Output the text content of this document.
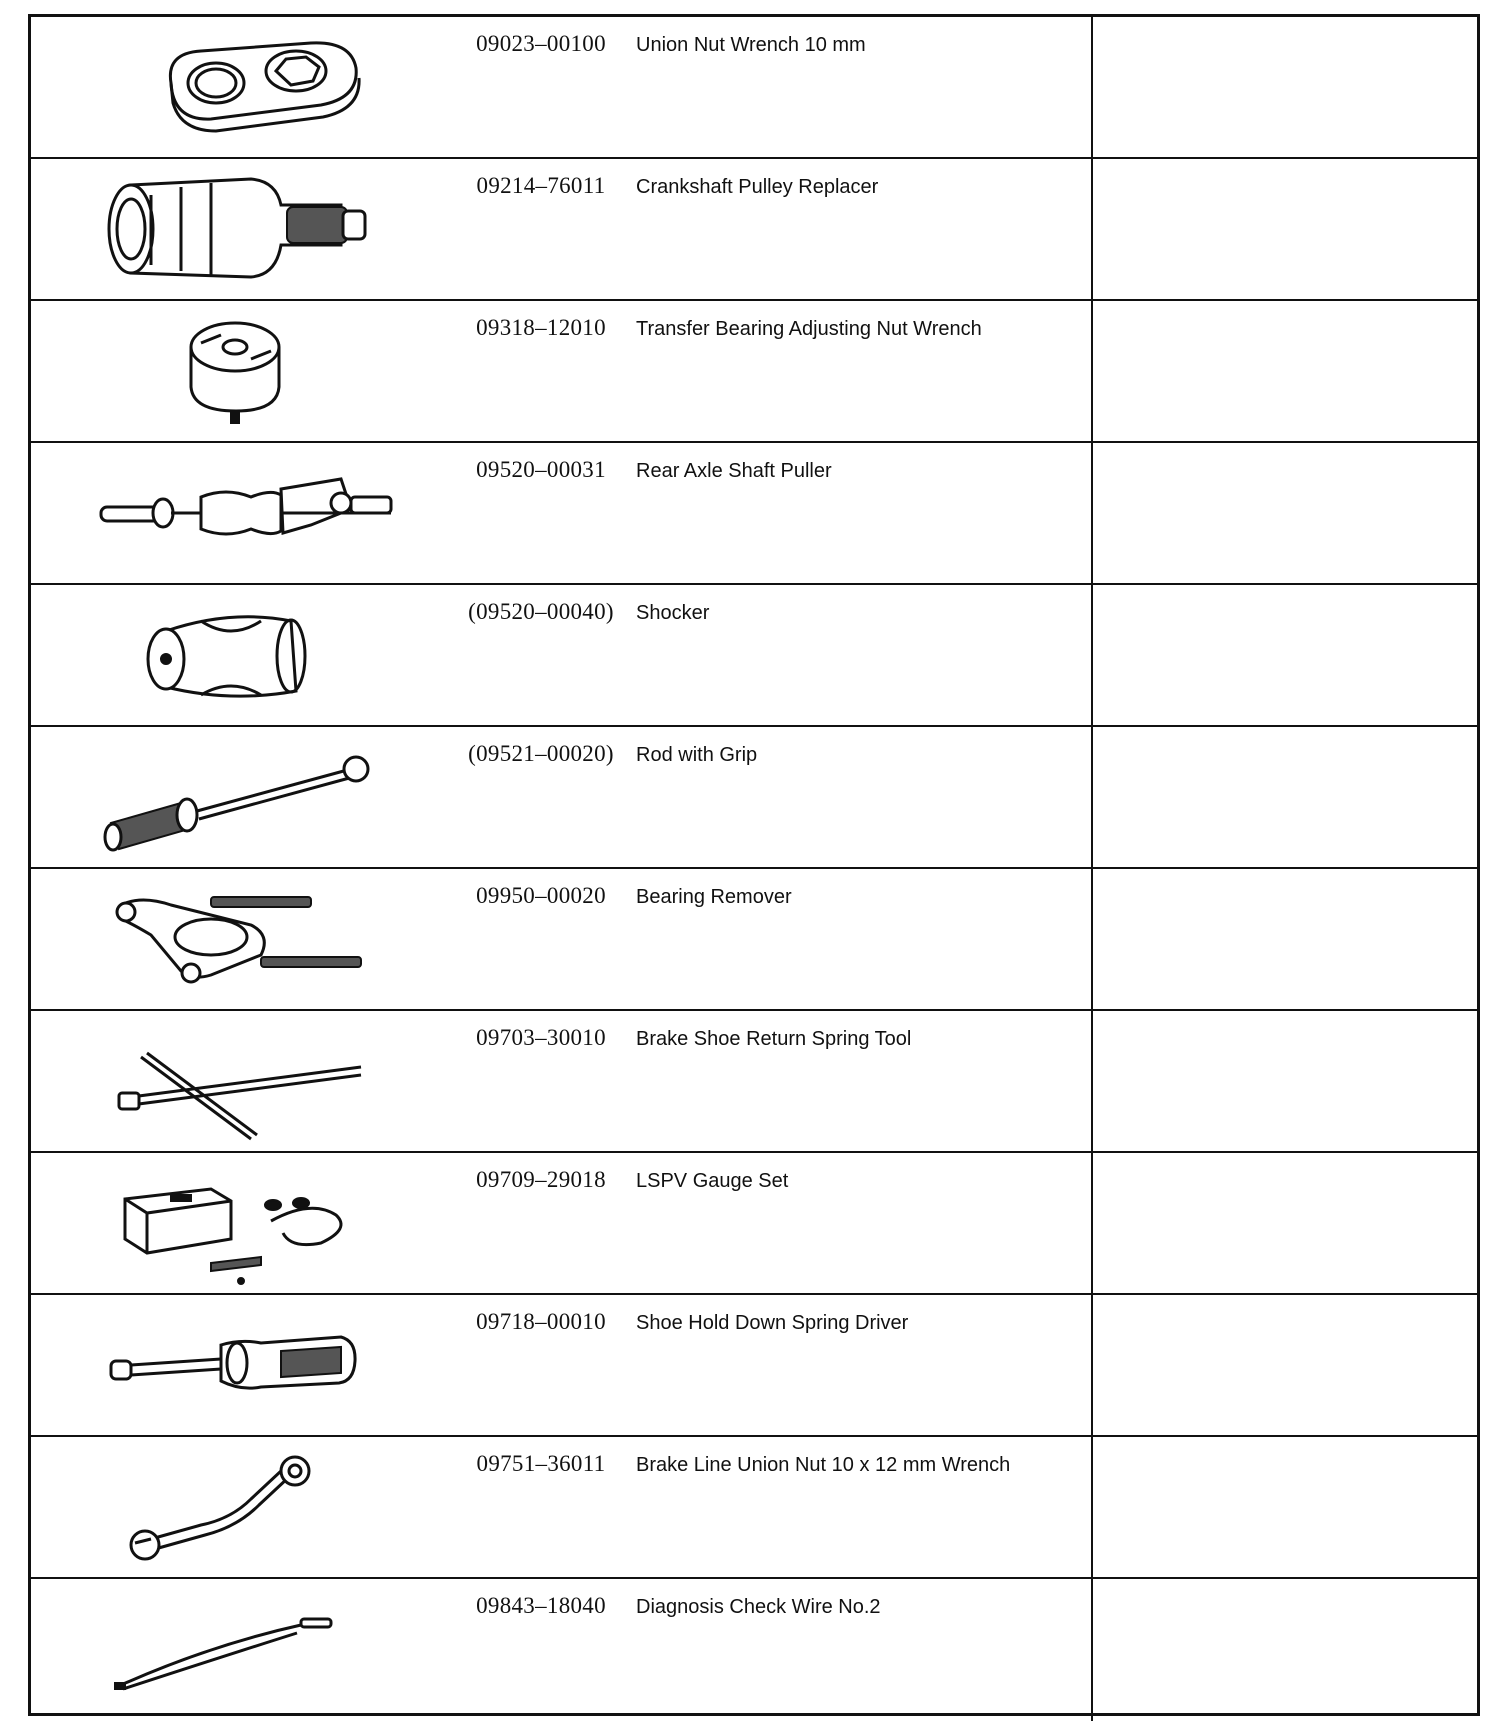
09023–00100	Union Nut Wrench 10 mm
09214–76011	Crankshaft Pulley Replacer
09318–12010	Transfer Bearing Adjusting Nut Wrench
09520–00031	Rear Axle Shaft Puller
(09520–00040)	Shocker
(09521–00020)	Rod with Grip
09950–00020	Bearing Remover
09703–30010	Brake Shoe Return Spring Tool
09709–29018	LSPV Gauge Set
09718–00010	Shoe Hold Down Spring Driver
09751–36011	Brake Line Union Nut 10 x 12 mm Wrench
09843–18040	Diagnosis Check Wire No.2
